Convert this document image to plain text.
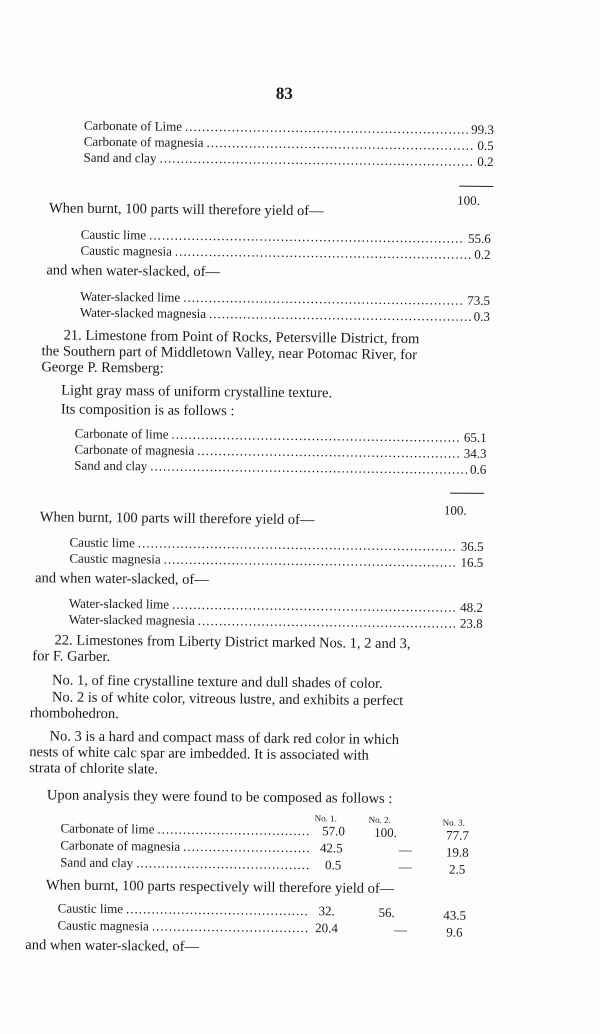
83
Carbonate of Lime .....	99.3
Carbonate of magnesia .....	0.5
Sand and clay .....	0.2
100.
When burnt, 100 parts will therefore yield of—
Caustic lime .....	55.6
Caustic magnesia .....	0.2
and when water-slacked, of—
Water-slacked lime .....	73.5
Water-slacked magnesia .....	0.3
21. Limestone from Point of Rocks, Petersville District, from
the Southern part of Middletown Valley, near Potomac River, for
George P. Remsberg:
Light gray mass of uniform crystalline texture.
Its composition is as follows :
Carbonate of lime .....	65.1
Carbonate of magnesia .....	34.3
Sand and clay .....	0.6
100.
When burnt, 100 parts will therefore yield of—
Caustic lime .....	36.5
Caustic magnesia .....	16.5
and when water-slacked, of—
Water-slacked lime .....	48.2
Water-slacked magnesia .....	23.8
22. Limestones from Liberty District marked Nos. 1, 2 and 3,
for F. Garber.
No. 1, of fine crystalline texture and dull shades of color.
No. 2 is of white color, vitreous lustre, and exhibits a perfect
rhombohedron.
No. 3 is a hard and compact mass of dark red color in which
nests of white calc spar are imbedded. It is associated with
strata of chlorite slate.
Upon analysis they were found to be composed as follows :
No. 1.	No. 2.	No. 3.
Carbonate of lime .....	57.0	100.	77.7
Carbonate of magnesia .....	42.5	—	19.8
Sand and clay .....	0.5	—	2.5
When burnt, 100 parts respectively will therefore yield of—
Caustic lime .....	32.	56.	43.5
Caustic magnesia .....	20.4	—	9.6
and when water-slacked, of—
